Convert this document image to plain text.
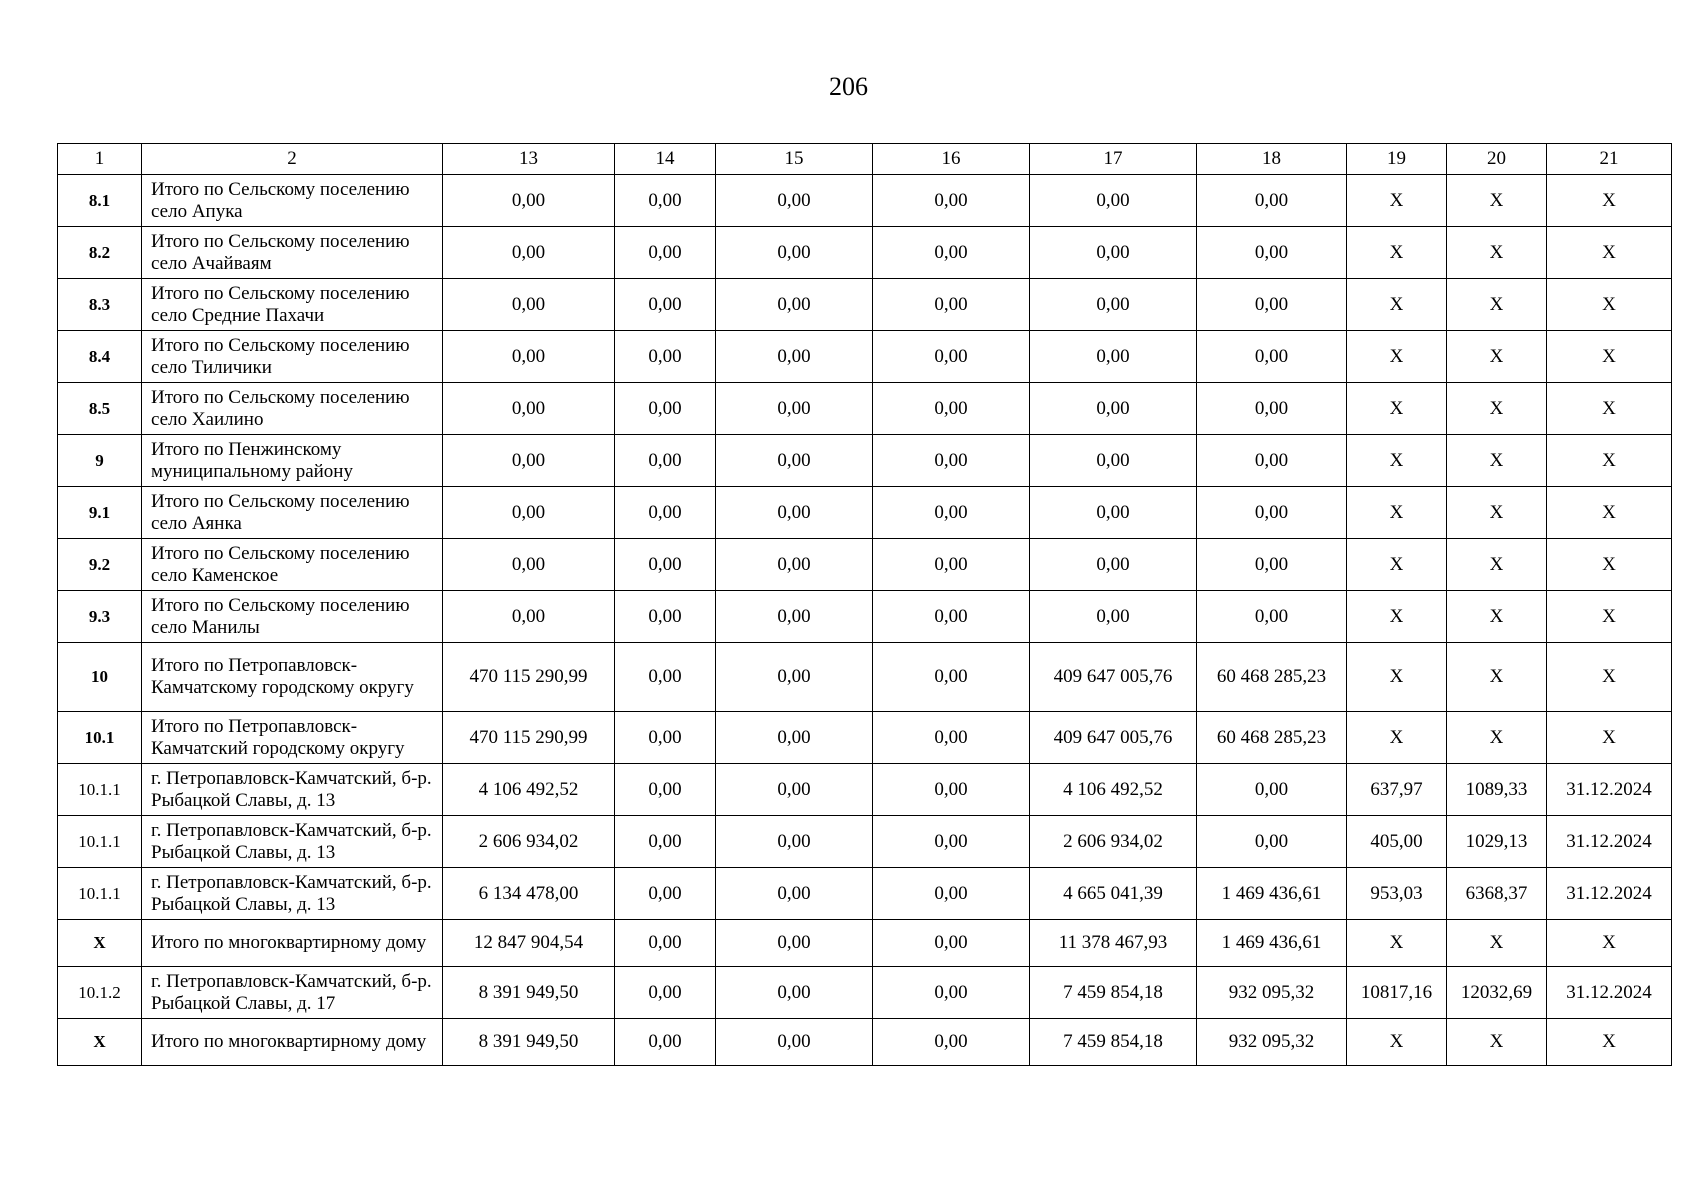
206
1	2	13	14	15	16	17	18	19	20	21
8.1	Итого по Сельскому поселению село Апука	0,00	0,00	0,00	0,00	0,00	0,00	X	X	X
8.2	Итого по Сельскому поселению село Ачайваям	0,00	0,00	0,00	0,00	0,00	0,00	X	X	X
8.3	Итого по Сельскому поселению село Средние Пахачи	0,00	0,00	0,00	0,00	0,00	0,00	X	X	X
8.4	Итого по Сельскому поселению село Тиличики	0,00	0,00	0,00	0,00	0,00	0,00	X	X	X
8.5	Итого по Сельскому поселению село Хаилино	0,00	0,00	0,00	0,00	0,00	0,00	X	X	X
9	Итого по Пенжинскому муниципальному району	0,00	0,00	0,00	0,00	0,00	0,00	X	X	X
9.1	Итого по Сельскому поселению село Аянка	0,00	0,00	0,00	0,00	0,00	0,00	X	X	X
9.2	Итого по Сельскому поселению село Каменское	0,00	0,00	0,00	0,00	0,00	0,00	X	X	X
9.3	Итого по Сельскому поселению село Манилы	0,00	0,00	0,00	0,00	0,00	0,00	X	X	X
10	Итого по Петропавловск-Камчатскому городскому округу	470 115 290,99	0,00	0,00	0,00	409 647 005,76	60 468 285,23	X	X	X
10.1	Итого по Петропавловск-Камчатский городскому округу	470 115 290,99	0,00	0,00	0,00	409 647 005,76	60 468 285,23	X	X	X
10.1.1	г. Петропавловск-Камчатский, б-р. Рыбацкой Славы, д. 13	4 106 492,52	0,00	0,00	0,00	4 106 492,52	0,00	637,97	1089,33	31.12.2024
10.1.1	г. Петропавловск-Камчатский, б-р. Рыбацкой Славы, д. 13	2 606 934,02	0,00	0,00	0,00	2 606 934,02	0,00	405,00	1029,13	31.12.2024
10.1.1	г. Петропавловск-Камчатский, б-р. Рыбацкой Славы, д. 13	6 134 478,00	0,00	0,00	0,00	4 665 041,39	1 469 436,61	953,03	6368,37	31.12.2024
X	Итого по многоквартирному дому	12 847 904,54	0,00	0,00	0,00	11 378 467,93	1 469 436,61	X	X	X
10.1.2	г. Петропавловск-Камчатский, б-р. Рыбацкой Славы, д. 17	8 391 949,50	0,00	0,00	0,00	7 459 854,18	932 095,32	10817,16	12032,69	31.12.2024
X	Итого по многоквартирному дому	8 391 949,50	0,00	0,00	0,00	7 459 854,18	932 095,32	X	X	X
